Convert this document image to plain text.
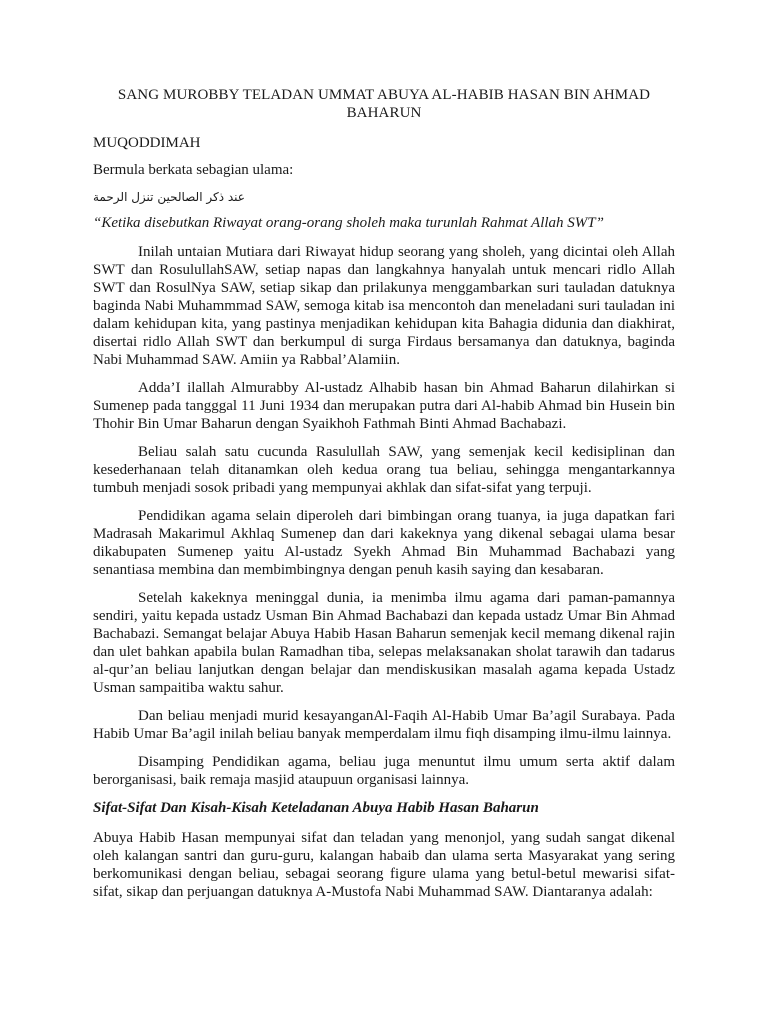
SANG MUROBBY TELADAN UMMAT ABUYA AL-HABIB HASAN BIN AHMAD BAHARUN

MUQODDIMAH

Bermula berkata sebagian ulama:

عند ذكر الصالحين تنزل الرحمة

“Ketika disebutkan Riwayat orang-orang sholeh maka turunlah Rahmat Allah SWT”

Inilah untaian Mutiara dari Riwayat hidup seorang yang sholeh, yang dicintai oleh Allah SWT dan RosulullahSAW, setiap napas dan langkahnya hanyalah untuk mencari ridlo Allah SWT dan RosulNya SAW, setiap sikap dan prilakunya menggambarkan suri tauladan datuknya baginda Nabi Muhammmad SAW, semoga kitab isa mencontoh dan meneladani suri tauladan ini dalam kehidupan kita, yang pastinya menjadikan kehidupan kita Bahagia didunia dan diakhirat, disertai ridlo Allah SWT dan berkumpul di surga Firdaus bersamanya dan datuknya, baginda Nabi Muhammad SAW. Amiin ya Rabbal’Alamiin.

Adda’I ilallah Almurabby Al-ustadz Alhabib hasan bin Ahmad Baharun dilahirkan si Sumenep pada tangggal 11 Juni 1934 dan merupakan putra dari Al-habib Ahmad bin Husein bin Thohir Bin Umar Baharun dengan Syaikhoh Fathmah Binti Ahmad Bachabazi.

Beliau salah satu cucunda Rasulullah SAW, yang semenjak kecil kedisiplinan dan kesederhanaan telah ditanamkan oleh kedua orang tua beliau, sehingga mengantarkannya tumbuh menjadi sosok pribadi yang mempunyai akhlak dan sifat-sifat yang terpuji.

Pendidikan agama selain diperoleh dari bimbingan orang tuanya, ia juga dapatkan fari Madrasah Makarimul Akhlaq Sumenep dan dari kakeknya yang dikenal sebagai ulama besar dikabupaten Sumenep yaitu Al-ustadz Syekh Ahmad Bin Muhammad Bachabazi yang senantiasa membina dan membimbingnya dengan penuh kasih saying dan kesabaran.

Setelah kakeknya meninggal dunia, ia menimba ilmu agama dari paman-pamannya sendiri, yaitu kepada ustadz Usman Bin Ahmad Bachabazi dan kepada ustadz Umar Bin Ahmad Bachabazi. Semangat belajar Abuya Habib Hasan Baharun semenjak kecil memang dikenal rajin dan ulet bahkan apabila bulan Ramadhan tiba, selepas melaksanakan sholat tarawih dan tadarus al-qur’an beliau lanjutkan dengan belajar dan mendiskusikan masalah agama kepada Ustadz Usman sampaitiba waktu sahur.

Dan beliau menjadi murid kesayanganAl-Faqih Al-Habib Umar Ba’agil Surabaya. Pada Habib Umar Ba’agil inilah beliau banyak memperdalam ilmu fiqh disamping ilmu-ilmu lainnya.

Disamping Pendidikan agama, beliau juga menuntut ilmu umum serta aktif dalam berorganisasi, baik remaja masjid ataupuun organisasi lainnya.

Sifat-Sifat Dan Kisah-Kisah Keteladanan Abuya Habib Hasan Baharun

Abuya Habib Hasan mempunyai sifat dan teladan yang menonjol, yang sudah sangat dikenal oleh kalangan santri dan guru-guru, kalangan habaib dan ulama serta Masyarakat yang sering berkomunikasi dengan beliau, sebagai seorang figure ulama yang betul-betul mewarisi sifat-sifat, sikap dan perjuangan datuknya A-Mustofa Nabi Muhammad SAW. Diantaranya adalah:
